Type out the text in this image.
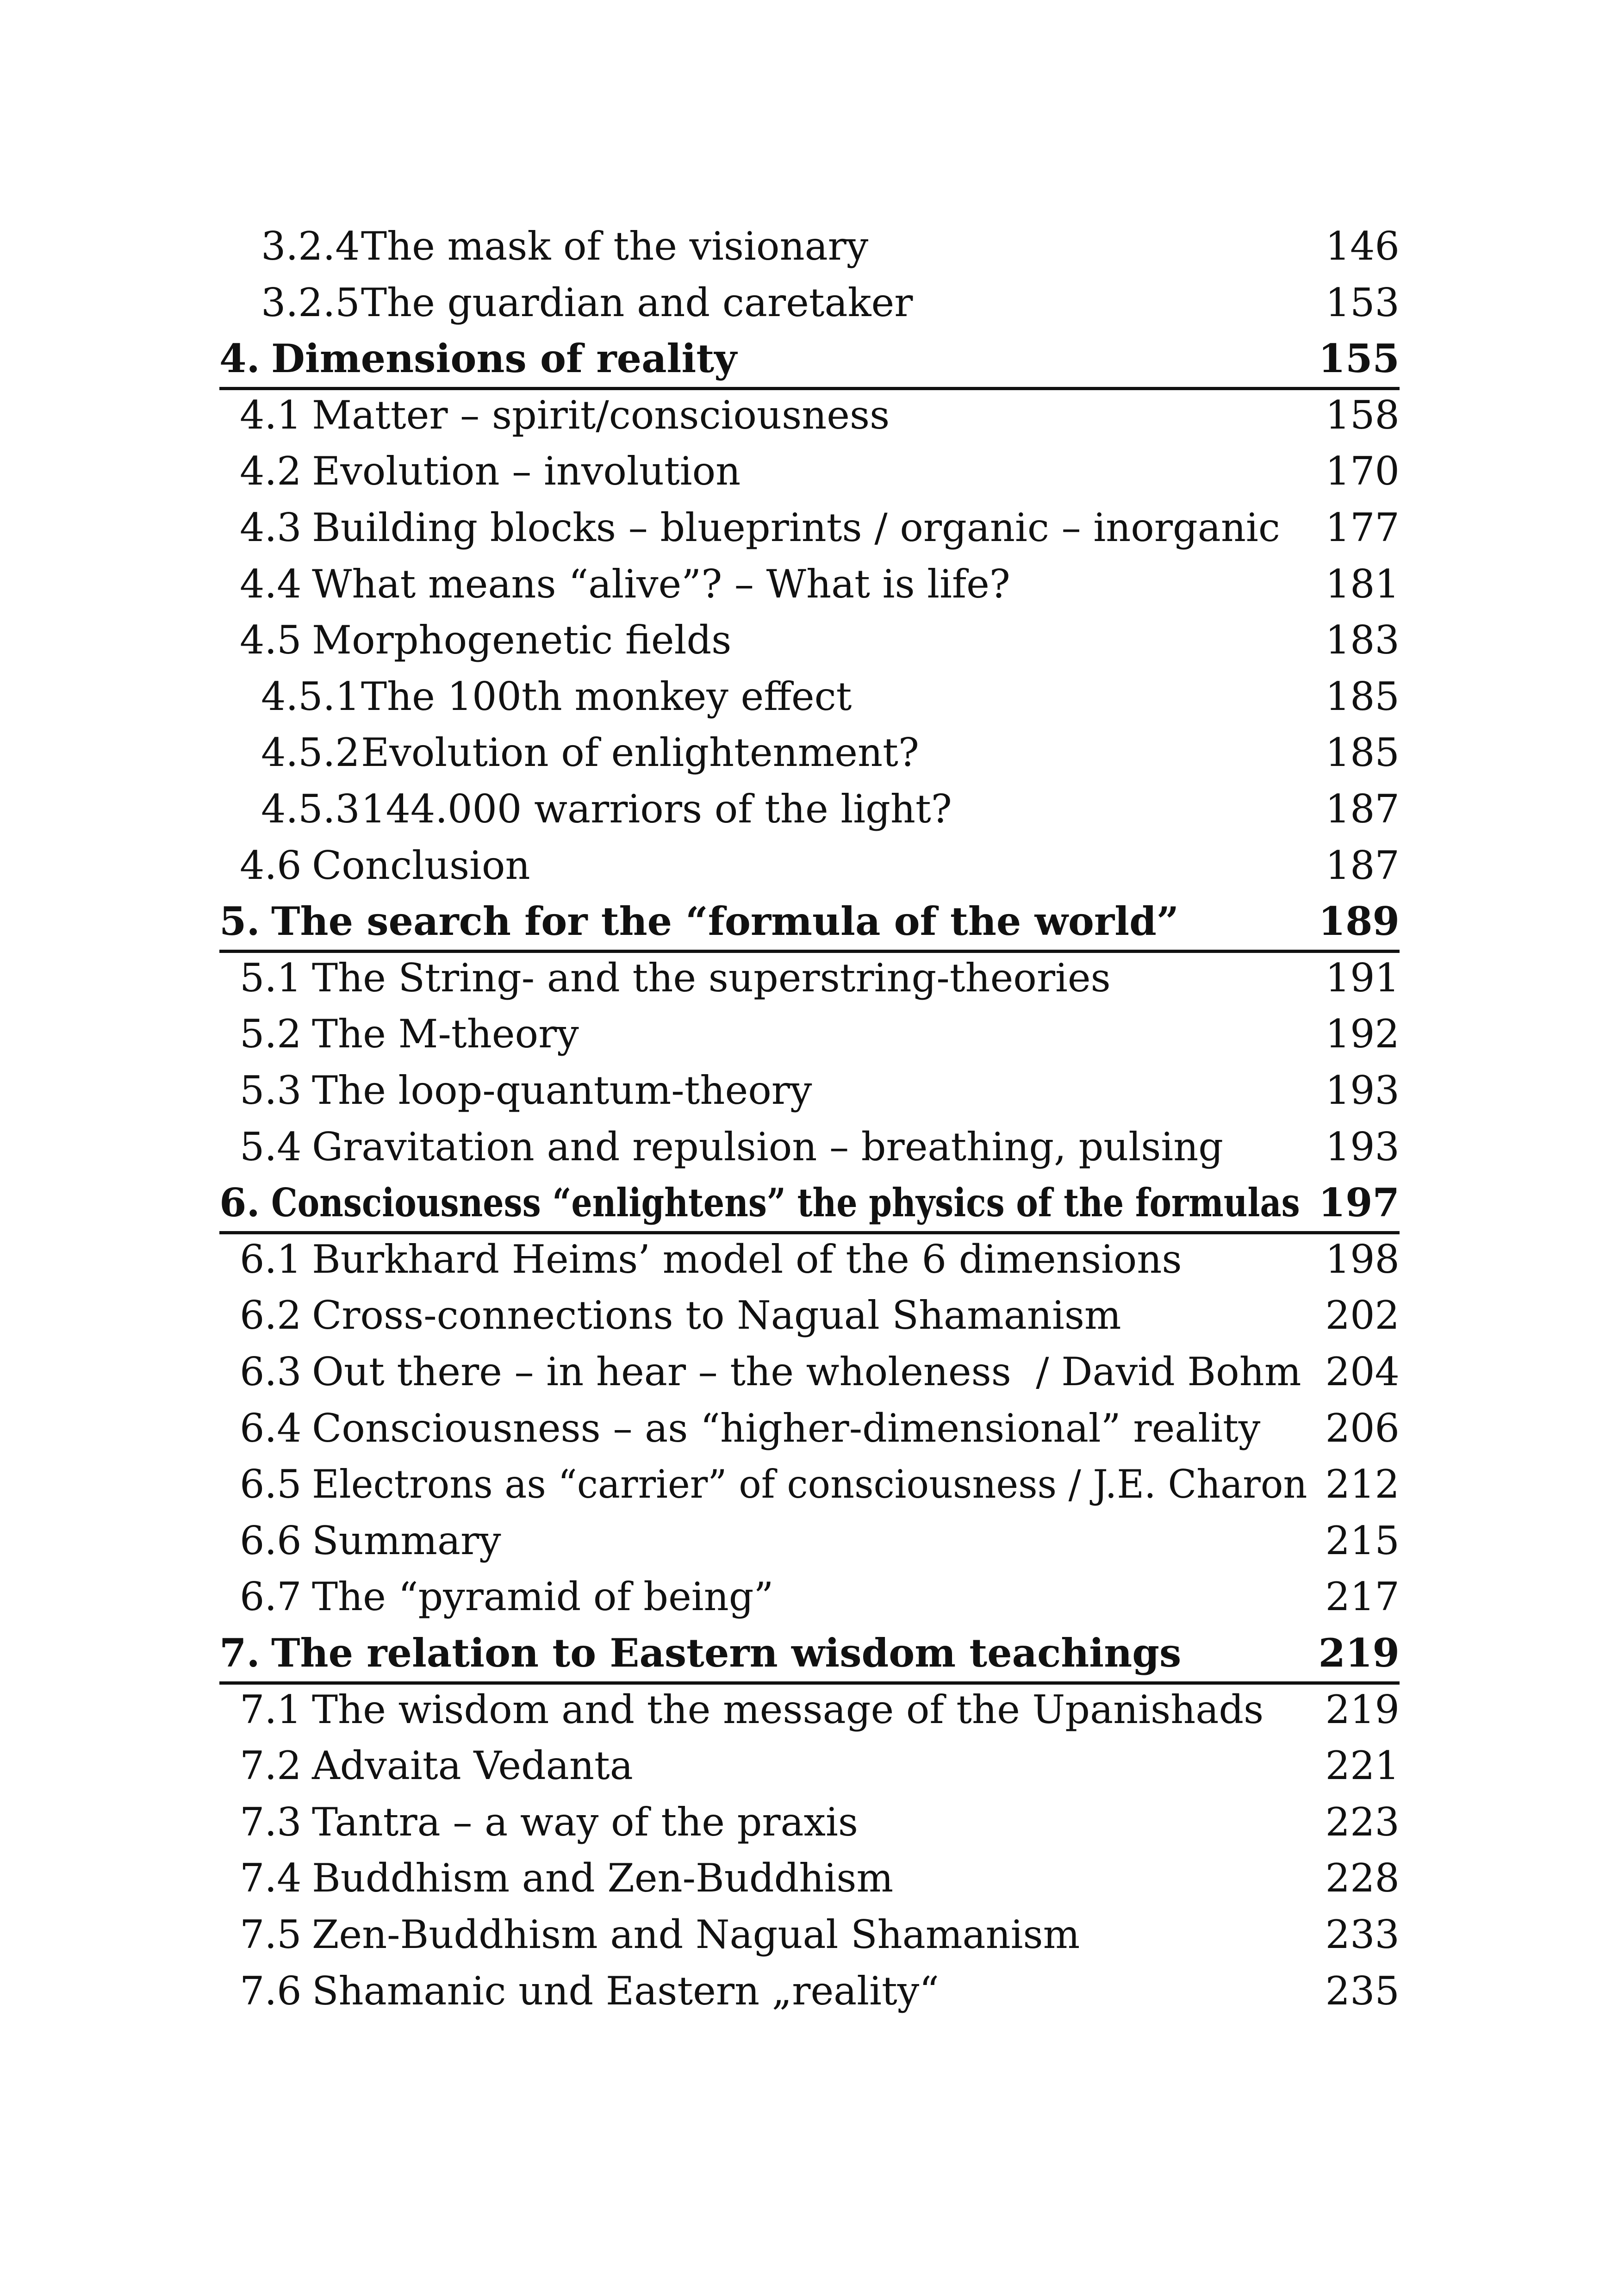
3.2.4 The mask of the visionary	146
3.2.5 The guardian and caretaker	153
4. Dimensions of reality	155
4.1 Matter – spirit/consciousness	158
4.2 Evolution – involution	170
4.3 Building blocks – blueprints / organic – inorganic 177
4.4 What means “alive”? – What is life?	181
4.5 Morphogenetic fields	183
4.5.1 The 100th monkey effect	185
4.5.2 Evolution of enlightenment?	185
4.5.3 144.000 warriors of the light?	187
4.6 Conclusion	187
5. The search for the “formula of the world”	189
5.1 The String- and the superstring-theories	191
5.2 The M-theory	192
5.3 The loop-quantum-theory	193
5.4 Gravitation and repulsion – breathing, pulsing	193
6. Consciousness “enlightens” the physics of the formulas 197
6.1 Burkhard Heims’ model of the 6 dimensions	198
6.2 Cross-connections to Nagual Shamanism	202
6.3 Out there – in hear – the wholeness  / David Bohm 204
6.4 Consciousness – as “higher-dimensional” reality 206
6.5 Electrons as “carrier” of consciousness / J.E. Charon 212
6.6 Summary	215
6.7 The “pyramid of being”	217
7. The relation to Eastern wisdom teachings	219
7.1 The wisdom and the message of the Upanishads 219
7.2 Advaita Vedanta	221
7.3 Tantra – a way of the praxis	223
7.4 Buddhism and Zen-Buddhism	228
7.5 Zen-Buddhism and Nagual Shamanism	233
7.6 Shamanic und Eastern „reality“	235
